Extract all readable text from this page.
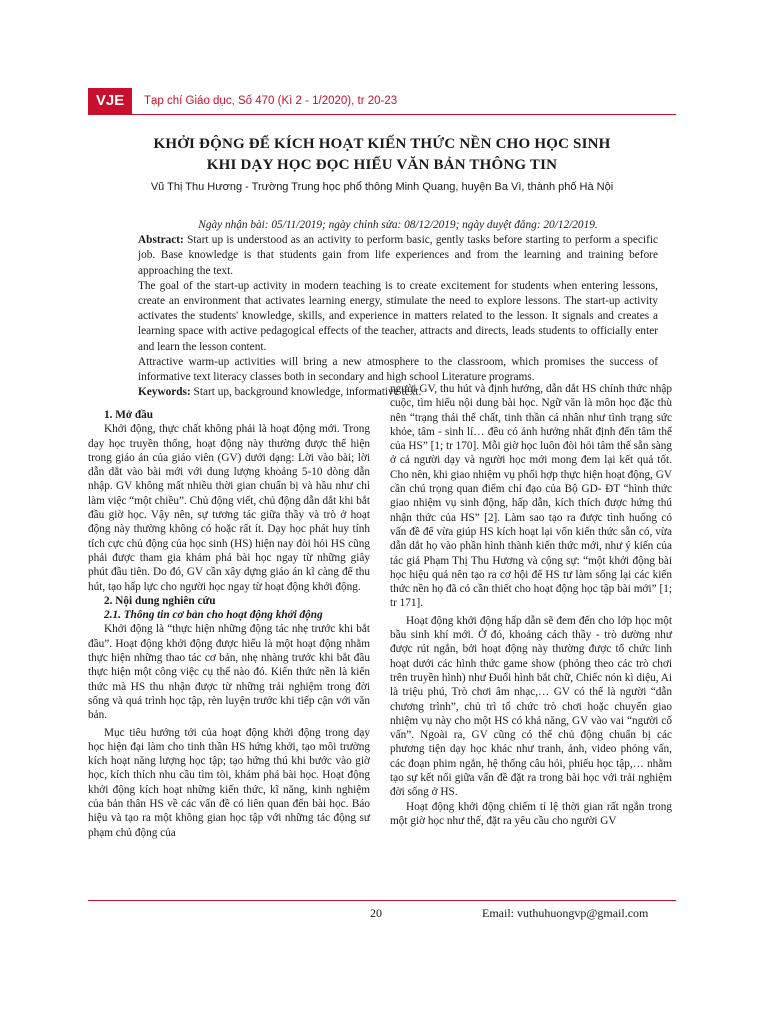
VJE	Tạp chí Giáo dục, Số 470 (Kì 2 - 1/2020), tr 20-23
KHỞI ĐỘNG ĐỂ KÍCH HOẠT KIẾN THỨC NỀN CHO HỌC SINH
KHI DẠY HỌC ĐỌC HIỂU VĂN BẢN THÔNG TIN
Vũ Thị Thu Hương - Trường Trung học phổ thông Minh Quang, huyện Ba Vì, thành phố Hà Nội

Ngày nhận bài: 05/11/2019; ngày chỉnh sửa: 08/12/2019; ngày duyệt đăng: 20/12/2019.

Abstract: Start up is understood as an activity to perform basic, gently tasks before starting to perform a specific job. Base knowledge is that students gain from life experiences and from the learning and training before approaching the text.

The goal of the start-up activity in modern teaching is to create excitement for students when entering lessons, create an environment that activates learning energy, stimulate the need to explore lessons. The start-up activity activates the students' knowledge, skills, and experience in matters related to the lesson. It signals and creates a learning space with active pedagogical effects of the teacher, attracts and directs, leads students to officially enter and learn the lesson content.

Attractive warm-up activities will bring a new atmosphere to the classroom, which promises the success of informative text literacy classes both in secondary and high school Literature programs.

Keywords: Start up, background knowledge, informative text.

1. Mở đầu

Khởi động, thực chất không phải là hoạt động mới. Trong dạy học truyền thống, hoạt động này thường được thể hiện trong giáo án của giáo viên (GV) dưới dạng: Lời vào bài; lời dẫn dắt vào bài mới với dung lượng khoảng 5-10 dòng dẫn nhập. GV không mất nhiều thời gian chuẩn bị và hầu như chỉ làm việc “một chiều”. Chủ động viết, chủ động dẫn dắt khi bắt đầu giờ học. Vậy nên, sự tương tác giữa thầy và trò ở hoạt động này thường không có hoặc rất ít. Dạy học phát huy tính tích cực chủ động của học sinh (HS) hiện nay đòi hỏi HS cũng phải được tham gia khám phá bài học ngay từ những giây phút đầu tiên. Do đó, GV cần xây dựng giáo án kĩ càng để thu hút, tạo hấp lực cho người học ngay từ hoạt động khởi động.

2. Nội dung nghiên cứu

2.1. Thông tin cơ bản cho hoạt động khởi động

Khởi động là “thực hiện những động tác nhẹ trước khi bắt đầu”. Hoạt động khởi động được hiểu là một hoạt động nhằm thực hiện những thao tác cơ bản, nhẹ nhàng trước khi bắt đầu thực hiện một công việc cụ thể nào đó. Kiến thức nền là kiến thức mà HS thu nhận được từ những trải nghiệm trong đời sống và quá trình học tập, rèn luyện trước khi tiếp cận với văn bản.

Mục tiêu hướng tới của hoạt động khởi động trong dạy học hiện đại làm cho tinh thần HS hứng khởi, tạo môi trường kích hoạt năng lượng học tập; tạo hứng thú khi bước vào giờ học, kích thích nhu cầu tìm tòi, khám phá bài học. Hoạt động khởi động kích hoạt những kiến thức, kĩ năng, kinh nghiệm của bản thân HS về các vấn đề có liên quan đến bài học. Báo hiệu và tạo ra một không gian học tập với những tác động sư phạm chủ động của

người GV, thu hút và định hướng, dẫn dắt HS chính thức nhập cuộc, tìm hiểu nội dung bài học. Ngữ văn là môn học đặc thù nên “trạng thái thể chất, tinh thần cá nhân như tình trạng sức khỏe, tâm - sinh lí… đều có ảnh hưởng nhất định đến tâm thế của HS” [1; tr 170]. Mỗi giờ học luôn đòi hỏi tâm thế sẵn sàng ở cả người dạy và người học mới mong đem lại kết quả tốt. Cho nên, khi giao nhiệm vụ phối hợp thực hiện hoạt động, GV cần chú trọng quan điểm chỉ đạo của Bộ GD- ĐT “hình thức giao nhiệm vụ sinh động, hấp dẫn, kích thích được hứng thú nhận thức của HS” [2]. Làm sao tạo ra được tình huống có vấn đề để vừa giúp HS kích hoạt lại vốn kiến thức sẵn có, vừa dẫn dắt họ vào phần hình thành kiến thức mới, như ý kiến của tác giả Phạm Thị Thu Hương và cộng sự: “một khởi động bài học hiệu quả nên tạo ra cơ hội để HS tư làm sống lại các kiến thức nền họ đã có cần thiết cho hoạt động học tập bài mới” [1; tr 171].

Hoạt động khởi động hấp dẫn sẽ đem đến cho lớp học một bầu sinh khí mới. Ở đó, khoảng cách thầy - trò dường như được rút ngắn, bởi hoạt động này thường được tổ chức linh hoạt dưới các hình thức game show (phỏng theo các trò chơi trên truyền hình) như Đuổi hình bắt chữ, Chiếc nón kì diệu, Ai là triệu phú, Trò chơi âm nhạc,… GV có thể là người “dẫn chương trình”, chủ trì tổ chức trò chơi hoặc chuyển giao nhiệm vụ này cho một HS có khả năng, GV vào vai “người cố vấn”. Ngoài ra, GV cũng có thể chủ động chuẩn bị các phương tiện dạy học khác như tranh, ảnh, video phỏng vấn, các đoạn phim ngắn, hệ thống câu hỏi, phiếu học tập,… nhằm tạo sự kết nối giữa vấn đề đặt ra trong bài học với trải nghiệm đời sống ở HS.

Hoạt động khởi động chiếm tỉ lệ thời gian rất ngắn trong một giờ học như thế, đặt ra yêu cầu cho người GV

20	Email: vuthuhuongvp@gmail.com
